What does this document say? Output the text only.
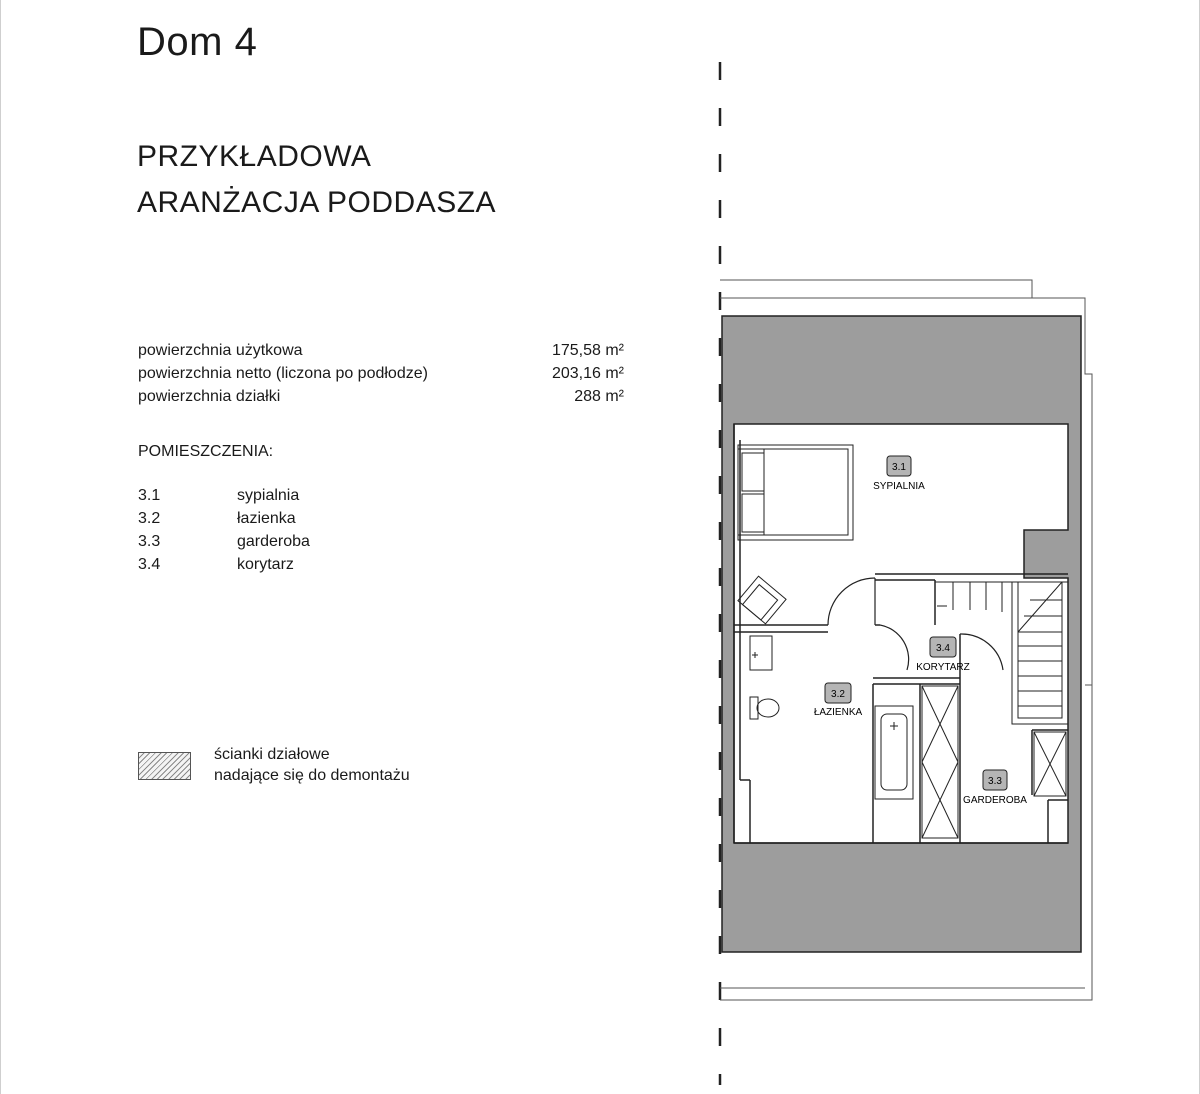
Dom 4
PRZYKŁADOWA
ARANŻACJA PODDASZA
powierzchnia użytkowa	175,58 m²
powierzchnia netto (liczona po podłodze)	203,16 m²
powierzchnia działki	288 m²
POMIESZCZENIA:
3.1	sypialnia
3.2	łazienka
3.3	garderoba
3.4	korytarz
ścianki działowe
nadające się do demontażu
3.1
SYPIALNIA
3.2
ŁAZIENKA
3.3
GARDEROBA
3.4
KORYTARZ
